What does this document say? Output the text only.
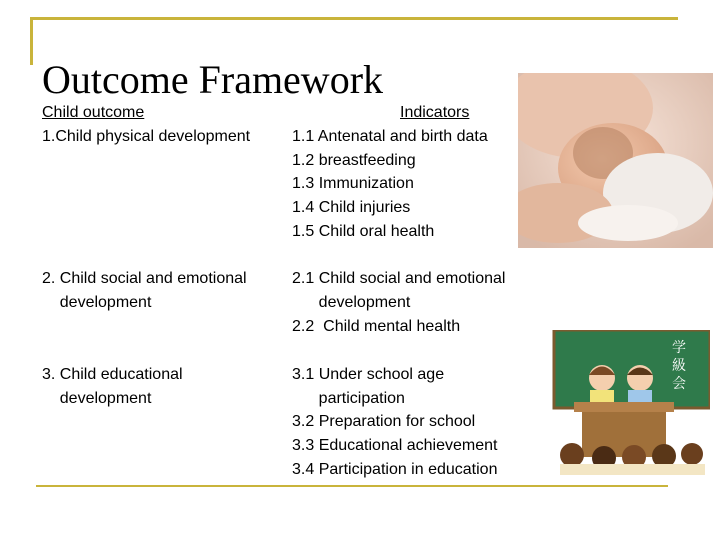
Outcome Framework
Child outcome	Indicators
1.Child physical development	1.1 Antenatal and birth data
1.2 breastfeeding
1.3 Immunization
1.4 Child injuries
1.5 Child oral health
2. Child social and emotional
development
2.1 Child social and emotional
development
2.2  Child mental health
3. Child educational
development
3.1 Under school age
participation
3.2 Preparation for school
3.3 Educational achievement
3.4 Participation in education
学
級
会
